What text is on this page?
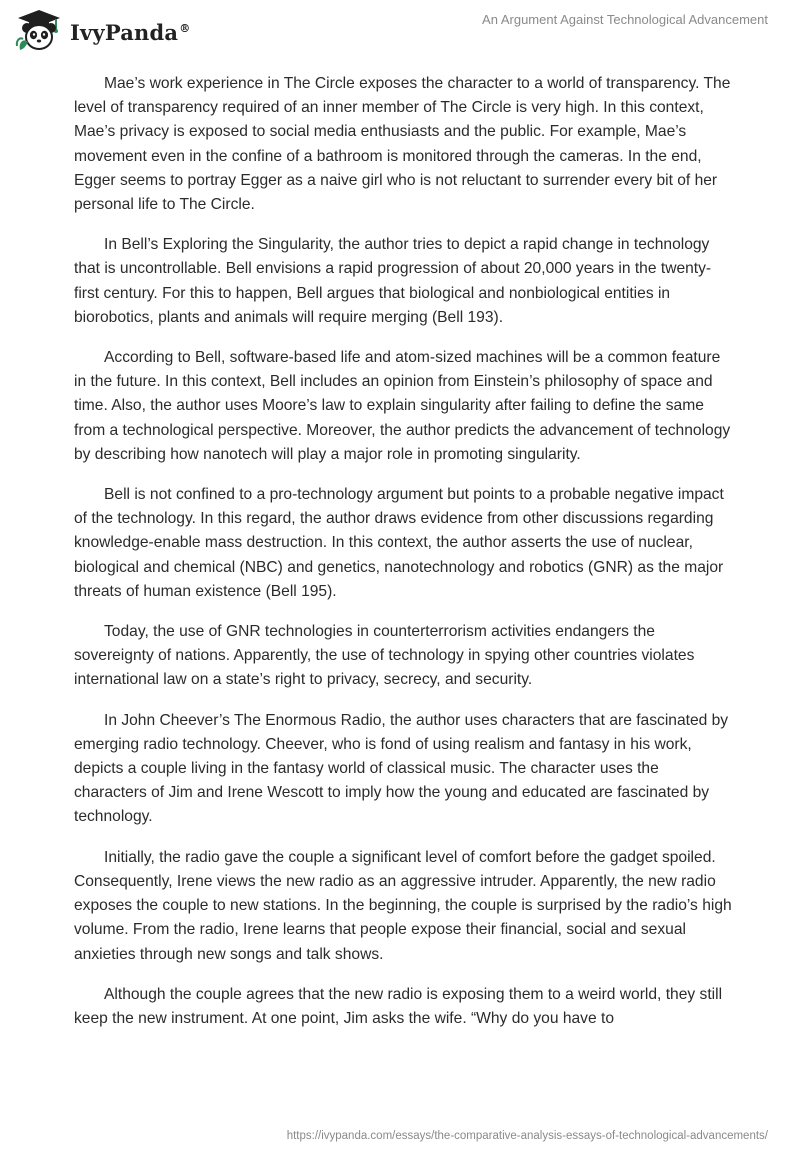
IvyPanda®
An Argument Against Technological Advancement

Mae’s work experience in The Circle exposes the character to a world of transparency. The level of transparency required of an inner member of The Circle is very high. In this context, Mae’s privacy is exposed to social media enthusiasts and the public. For example, Mae’s movement even in the confine of a bathroom is monitored through the cameras. In the end, Egger seems to portray Egger as a naive girl who is not reluctant to surrender every bit of her personal life to The Circle.

In Bell’s Exploring the Singularity, the author tries to depict a rapid change in technology that is uncontrollable. Bell envisions a rapid progression of about 20,000 years in the twenty-first century. For this to happen, Bell argues that biological and nonbiological entities in biorobotics, plants and animals will require merging (Bell 193).

According to Bell, software-based life and atom-sized machines will be a common feature in the future. In this context, Bell includes an opinion from Einstein’s philosophy of space and time. Also, the author uses Moore’s law to explain singularity after failing to define the same from a technological perspective. Moreover, the author predicts the advancement of technology by describing how nanotech will play a major role in promoting singularity.

Bell is not confined to a pro-technology argument but points to a probable negative impact of the technology. In this regard, the author draws evidence from other discussions regarding knowledge-enable mass destruction. In this context, the author asserts the use of nuclear, biological and chemical (NBC) and genetics, nanotechnology and robotics (GNR) as the major threats of human existence (Bell 195).

Today, the use of GNR technologies in counterterrorism activities endangers the sovereignty of nations. Apparently, the use of technology in spying other countries violates international law on a state’s right to privacy, secrecy, and security.

In John Cheever’s The Enormous Radio, the author uses characters that are fascinated by emerging radio technology. Cheever, who is fond of using realism and fantasy in his work, depicts a couple living in the fantasy world of classical music. The character uses the characters of Jim and Irene Wescott to imply how the young and educated are fascinated by technology.

Initially, the radio gave the couple a significant level of comfort before the gadget spoiled. Consequently, Irene views the new radio as an aggressive intruder. Apparently, the new radio exposes the couple to new stations. In the beginning, the couple is surprised by the radio’s high volume. From the radio, Irene learns that people expose their financial, social and sexual anxieties through new songs and talk shows.

Although the couple agrees that the new radio is exposing them to a weird world, they still keep the new instrument. At one point, Jim asks the wife. “Why do you have to

https://ivypanda.com/essays/the-comparative-analysis-essays-of-technological-advancements/
